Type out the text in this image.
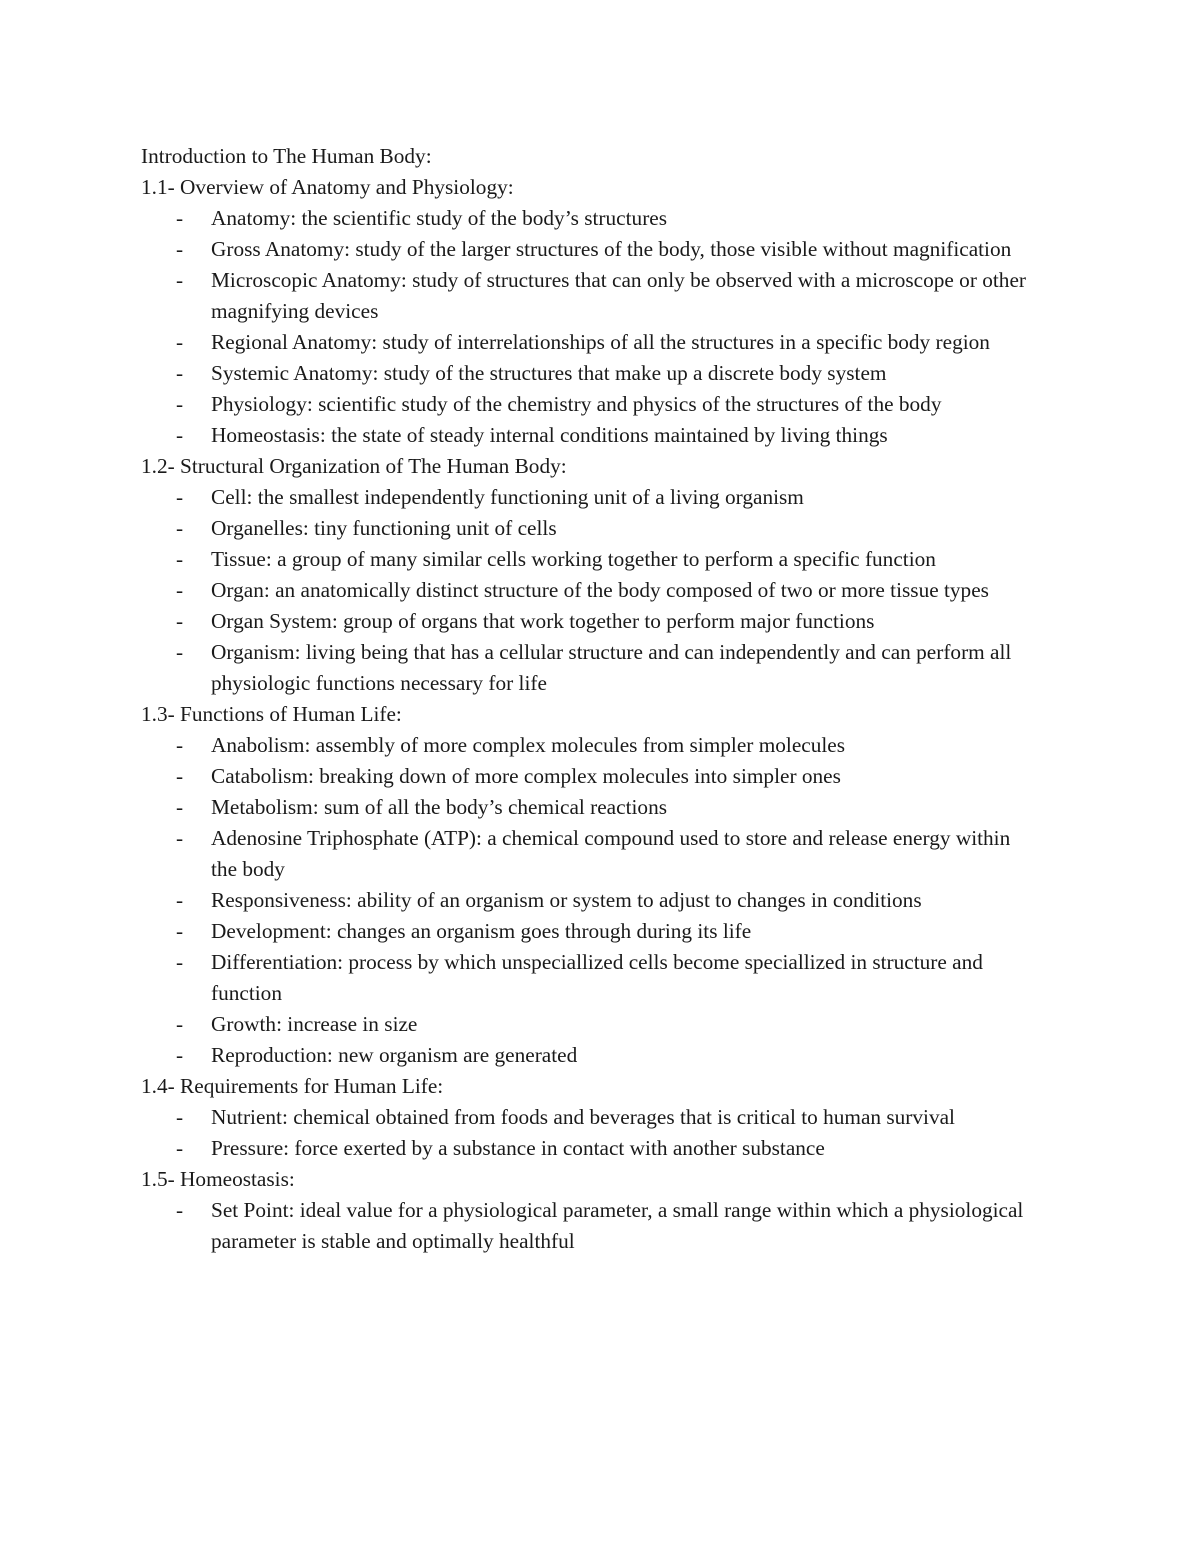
Introduction to The Human Body:

1.1- Overview of Anatomy and Physiology:

- Anatomy: the scientific study of the body’s structures
- Gross Anatomy: study of the larger structures of the body, those visible without magnification
- Microscopic Anatomy: study of structures that can only be observed with a microscope or other magnifying devices
- Regional Anatomy: study of interrelationships of all the structures in a specific body region
- Systemic Anatomy: study of the structures that make up a discrete body system
- Physiology: scientific study of the chemistry and physics of the structures of the body
- Homeostasis: the state of steady internal conditions maintained by living things

1.2- Structural Organization of The Human Body:

- Cell: the smallest independently functioning unit of a living organism
- Organelles: tiny functioning unit of cells
- Tissue: a group of many similar cells working together to perform a specific function
- Organ: an anatomically distinct structure of the body composed of two or more tissue types
- Organ System: group of organs that work together to perform major functions
- Organism: living being that has a cellular structure and can independently and can perform all physiologic functions necessary for life

1.3- Functions of Human Life:

- Anabolism: assembly of more complex molecules from simpler molecules
- Catabolism: breaking down of more complex molecules into simpler ones
- Metabolism: sum of all the body’s chemical reactions
- Adenosine Triphosphate (ATP): a chemical compound used to store and release energy within the body
- Responsiveness: ability of an organism or system to adjust to changes in conditions
- Development: changes an organism goes through during its life
- Differentiation: process by which unspeciallized cells become speciallized in structure and function
- Growth: increase in size
- Reproduction: new organism are generated

1.4- Requirements for Human Life:

- Nutrient: chemical obtained from foods and beverages that is critical to human survival
- Pressure: force exerted by a substance in contact with another substance

1.5- Homeostasis:

- Set Point: ideal value for a physiological parameter, a small range within which a physiological parameter is stable and optimally healthful
